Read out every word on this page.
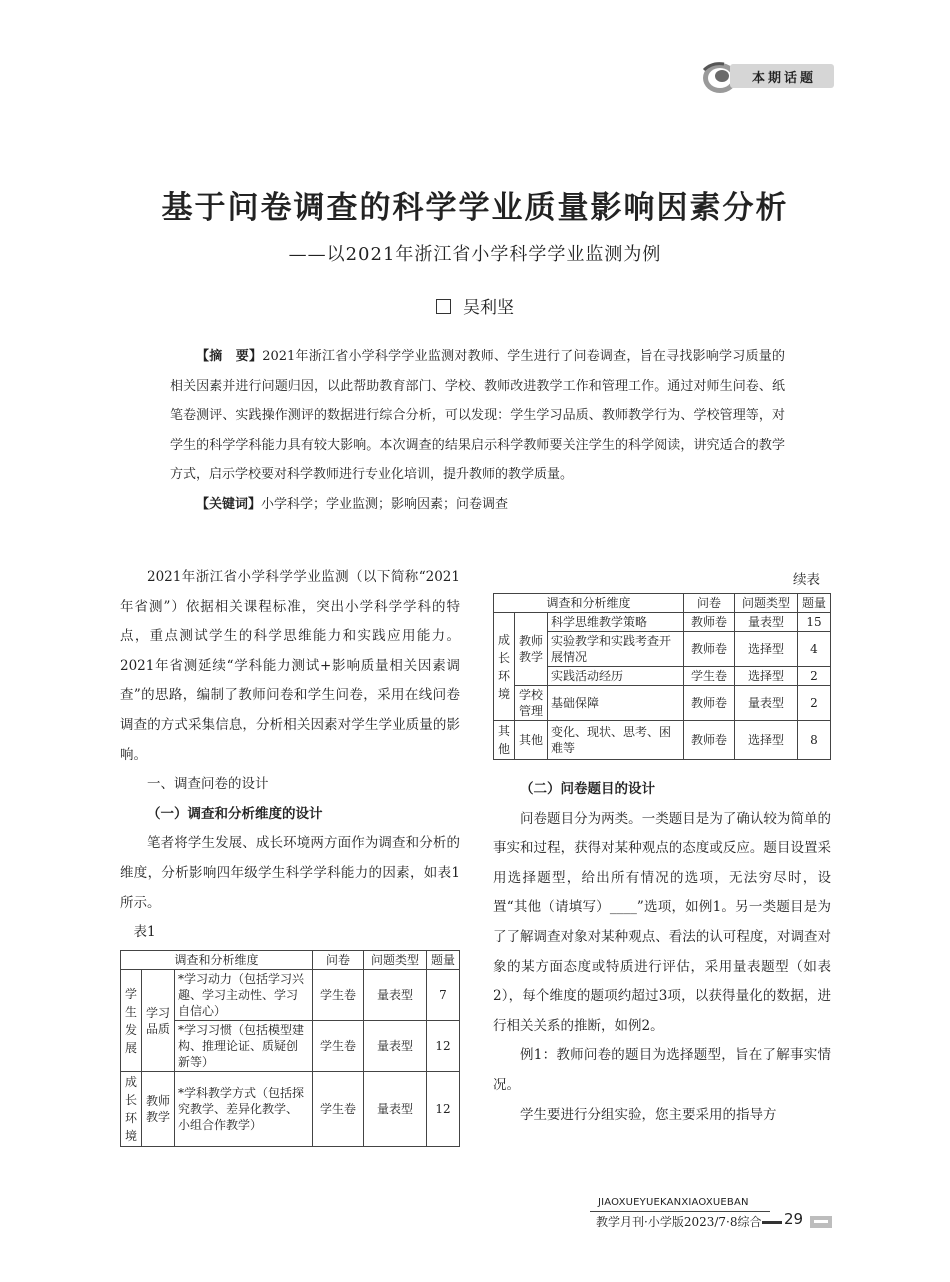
本期话题
基于问卷调查的科学学业质量影响因素分析
——以2021年浙江省小学科学学业监测为例
吴利坚

【摘　要】2021年浙江省小学科学学业监测对教师、学生进行了问卷调查，旨在寻找影响学习质量的相关因素并进行问题归因，以此帮助教育部门、学校、教师改进教学工作和管理工作。通过对师生问卷、纸笔卷测评、实践操作测评的数据进行综合分析，可以发现：学生学习品质、教师教学行为、学校管理等，对学生的科学学科能力具有较大影响。本次调查的结果启示科学教师要关注学生的科学阅读，讲究适合的教学方式，启示学校要对科学教师进行专业化培训，提升教师的教学质量。

【关键词】小学科学；学业监测；影响因素；问卷调查

2021年浙江省小学科学学业监测（以下简称“2021年省测”）依据相关课程标准，突出小学科学学科的特点，重点测试学生的科学思维能力和实践应用能力。2021年省测延续“学科能力测试+影响质量相关因素调查”的思路，编制了教师问卷和学生问卷，采用在线问卷调查的方式采集信息，分析相关因素对学生学业质量的影响。

一、调查问卷的设计

（一）调查和分析维度的设计

笔者将学生发展、成长环境两方面作为调查和分析的维度，分析影响四年级学生科学学科能力的因素，如表1所示。

表1

调查和分析维度			问卷	问题类型	题量
学生发展	学习品质	*学习动力（包括学习兴趣、学习主动性、学习自信心）	学生卷	量表型	7
		*学习习惯（包括模型建构、推理论证、质疑创新等）	学生卷	量表型	12
成长环境	教师教学	*学科教学方式（包括探究教学、差异化教学、小组合作教学）	学生卷	量表型	12
续表
调查和分析维度			问卷	问题类型	题量
成长环境	教师教学	科学思维教学策略	教师卷	量表型	15
		实验教学和实践考查开展情况	教师卷	选择型	4
		实践活动经历	学生卷	选择型	2
	学校管理	基础保障	教师卷	量表型	2
其他	其他	变化、现状、思考、困难等	教师卷	选择型	8

（二）问卷题目的设计

问卷题目分为两类。一类题目是为了确认较为简单的事实和过程，获得对某种观点的态度或反应。题目设置采用选择题型，给出所有情况的选项，无法穷尽时，设置“其他（请填写）____”选项，如例1。另一类题目是为了了解调查对象对某种观点、看法的认可程度，对调查对象的某方面态度或特质进行评估，采用量表题型（如表2），每个维度的题项约超过3项，以获得量化的数据，进行相关关系的推断，如例2。

例1：教师问卷的题目为选择题型，旨在了解事实情况。

学生要进行分组实验，您主要采用的指导方

JIAOXUEYUEKANXIAOXUEBAN
教学月刊·小学版2023/7·8综合 29
